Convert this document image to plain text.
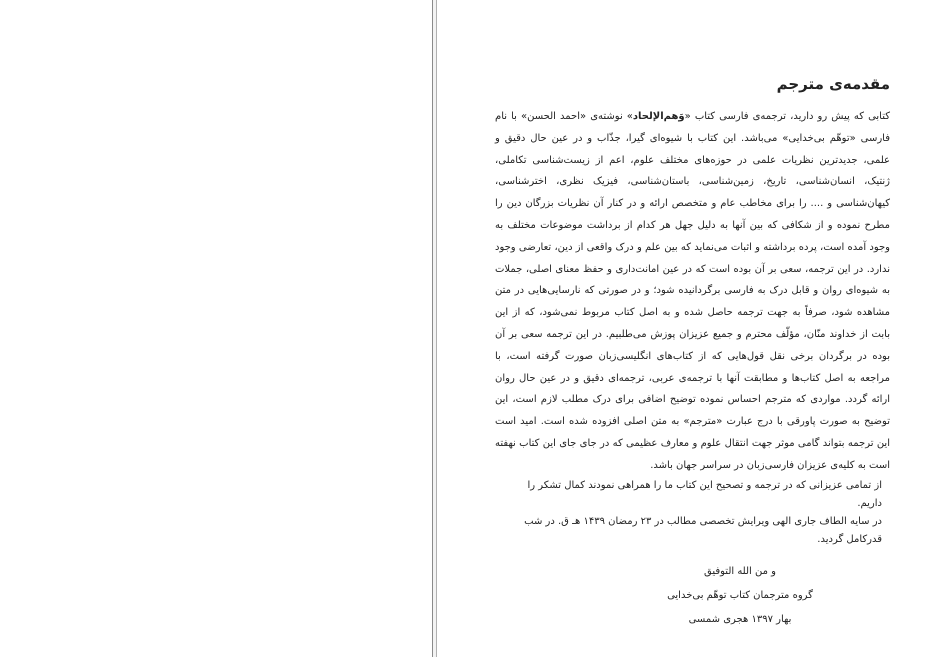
مقدمه‌ی مترجم

کتابی که پیش رو دارید، ترجمه‌ی فارسی کتاب «وَهم‌الإلحاد» نوشته‌ی «احمد الحسن» با نام فارسی «توهّم بی‌خدایی» می‌باشد. این کتاب با شیوه‌ای گیرا، جذّاب و در عین حال دقیق و علمی، جدیدترین نظریات علمی در حوزه‌های مختلف علوم، اعم از زیست‌شناسی تکاملی، ژنتیک، انسان‌شناسی، تاریخ، زمین‌شناسی، باستان‌شناسی، فیزیک نظری، اخترشناسی، کیهان‌شناسی و .... را برای مخاطب عام و متخصص ارائه و در کنار آن نظریات بزرگان دین را مطرح نموده و از شکافی که بین آنها به دلیل جهل هر کدام از برداشت موضوعات مختلف به وجود آمده است، پرده برداشته و اثبات می‌نماید که بین علم و درک واقعی از دین، تعارضی وجود ندارد. در این ترجمه، سعی بر آن بوده است که در عین امانت‌داری و حفظ معنای اصلی، جملات به شیوه‌ای روان و قابل درک به فارسی برگردانیده شود؛ و در صورتی که نارسایی‌هایی در متن مشاهده شود، صرفاً به جهت ترجمه حاصل شده و به اصل کتاب مربوط نمی‌شود، که از این بابت از خداوند منّان، مؤلّف محترم و جمیع عزیزان پوزش می‌طلبیم. در این ترجمه سعی بر آن بوده در برگردان برخی نقل قول‌هایی که از کتاب‌های انگلیسی‌زبان صورت گرفته است، با مراجعه به اصل کتاب‌ها و مطابقت آنها با ترجمه‌ی عربی، ترجمه‌ای دقیق و در عین حال روان ارائه گردد. مواردی که مترجم احساس نموده توضیح اضافی برای درک مطلب لازم است، این توضیح به صورت پاورقی با درج عبارت «مترجم» به متن اصلی افزوده شده است. امید است این ترجمه بتواند گامی موثر جهت انتقال علوم و معارف عظیمی که در جای جای این کتاب نهفته است به کلیه‌ی عزیزان فارسی‌زبان در سراسر جهان باشد.

از تمامی عزیزانی که در ترجمه و تصحیح این کتاب ما را همراهی نمودند کمال تشکر را داریم.

در سایه الطاف جاری الهی ویرایش تخصصی مطالب در ۲۳ رمضان ۱۴۳۹ هـ ق. در شب قدرکامل گردید.

و من الله التوفیق
گروه مترجمان کتاب توهّم بی‌خدایی
بهار ۱۳۹۷ هجری شمسی
